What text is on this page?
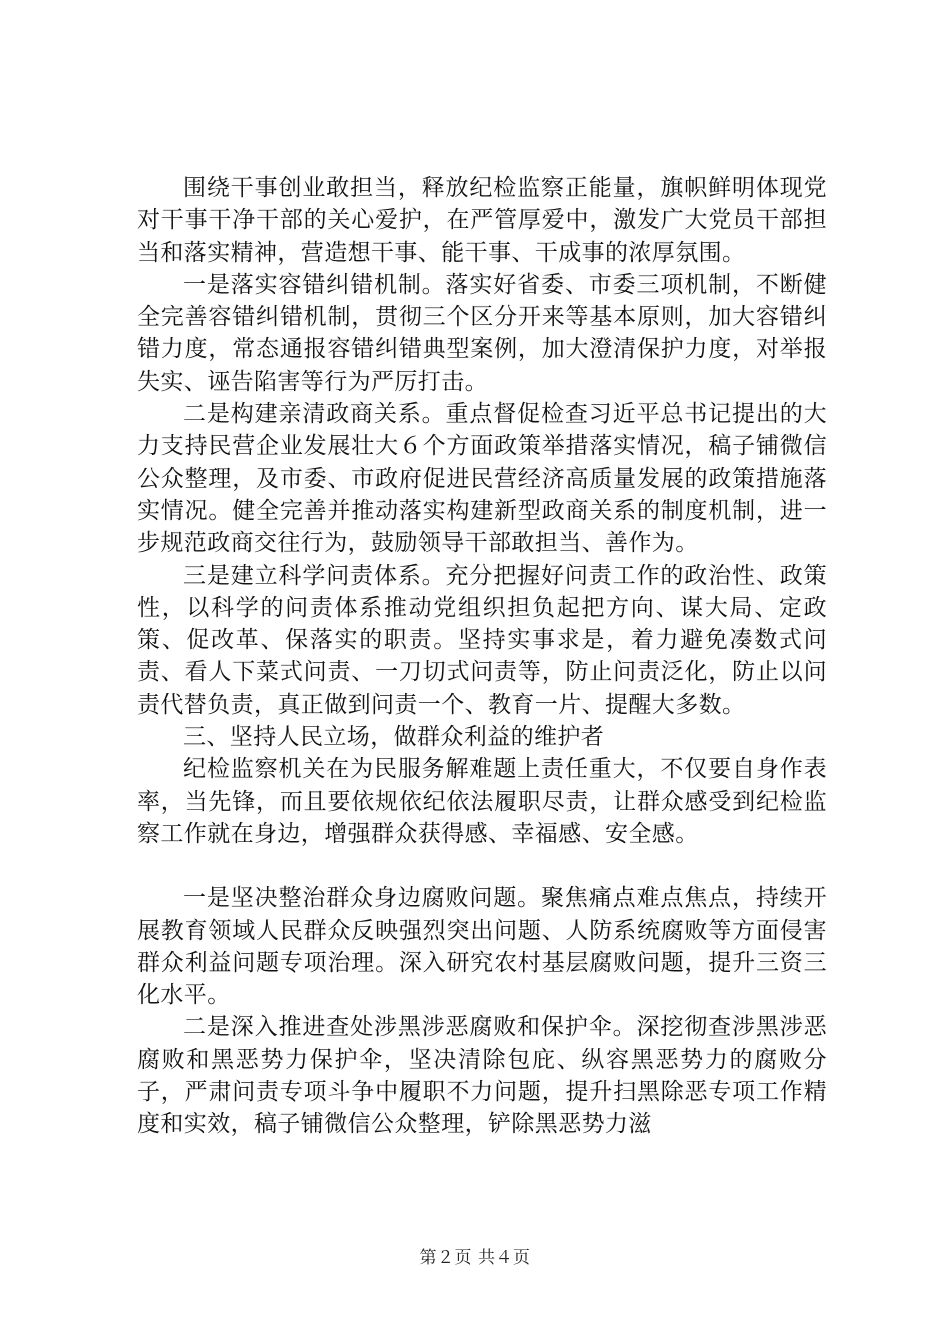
围绕干事创业敢担当，释放纪检监察正能量，旗帜鲜明体现党对干事干净干部的关心爱护，在严管厚爱中，激发广大党员干部担当和落实精神，营造想干事、能干事、干成事的浓厚氛围。

一是落实容错纠错机制。落实好省委、市委三项机制，不断健全完善容错纠错机制，贯彻三个区分开来等基本原则，加大容错纠错力度，常态通报容错纠错典型案例，加大澄清保护力度，对举报失实、诬告陷害等行为严厉打击。

二是构建亲清政商关系。重点督促检查习近平总书记提出的大力支持民营企业发展壮大６个方面政策举措落实情况，稿子铺微信公众整理，及市委、市政府促进民营经济高质量发展的政策措施落实情况。健全完善并推动落实构建新型政商关系的制度机制，进一步规范政商交往行为，鼓励领导干部敢担当、善作为。

三是建立科学问责体系。充分把握好问责工作的政治性、政策性，以科学的问责体系推动党组织担负起把方向、谋大局、定政策、促改革、保落实的职责。坚持实事求是，着力避免凑数式问责、看人下菜式问责、一刀切式问责等，防止问责泛化，防止以问责代替负责，真正做到问责一个、教育一片、提醒大多数。

三、坚持人民立场，做群众利益的维护者

纪检监察机关在为民服务解难题上责任重大，不仅要自身作表率，当先锋，而且要依规依纪依法履职尽责，让群众感受到纪检监察工作就在身边，增强群众获得感、幸福感、安全感。

一是坚决整治群众身边腐败问题。聚焦痛点难点焦点，持续开展教育领域人民群众反映强烈突出问题、人防系统腐败等方面侵害群众利益问题专项治理。深入研究农村基层腐败问题，提升三资三化水平。

二是深入推进查处涉黑涉恶腐败和保护伞。深挖彻查涉黑涉恶腐败和黑恶势力保护伞，坚决清除包庇、纵容黑恶势力的腐败分子，严肃问责专项斗争中履职不力问题，提升扫黑除恶专项工作精度和实效，稿子铺微信公众整理，铲除黑恶势力滋

第２页 共４页
